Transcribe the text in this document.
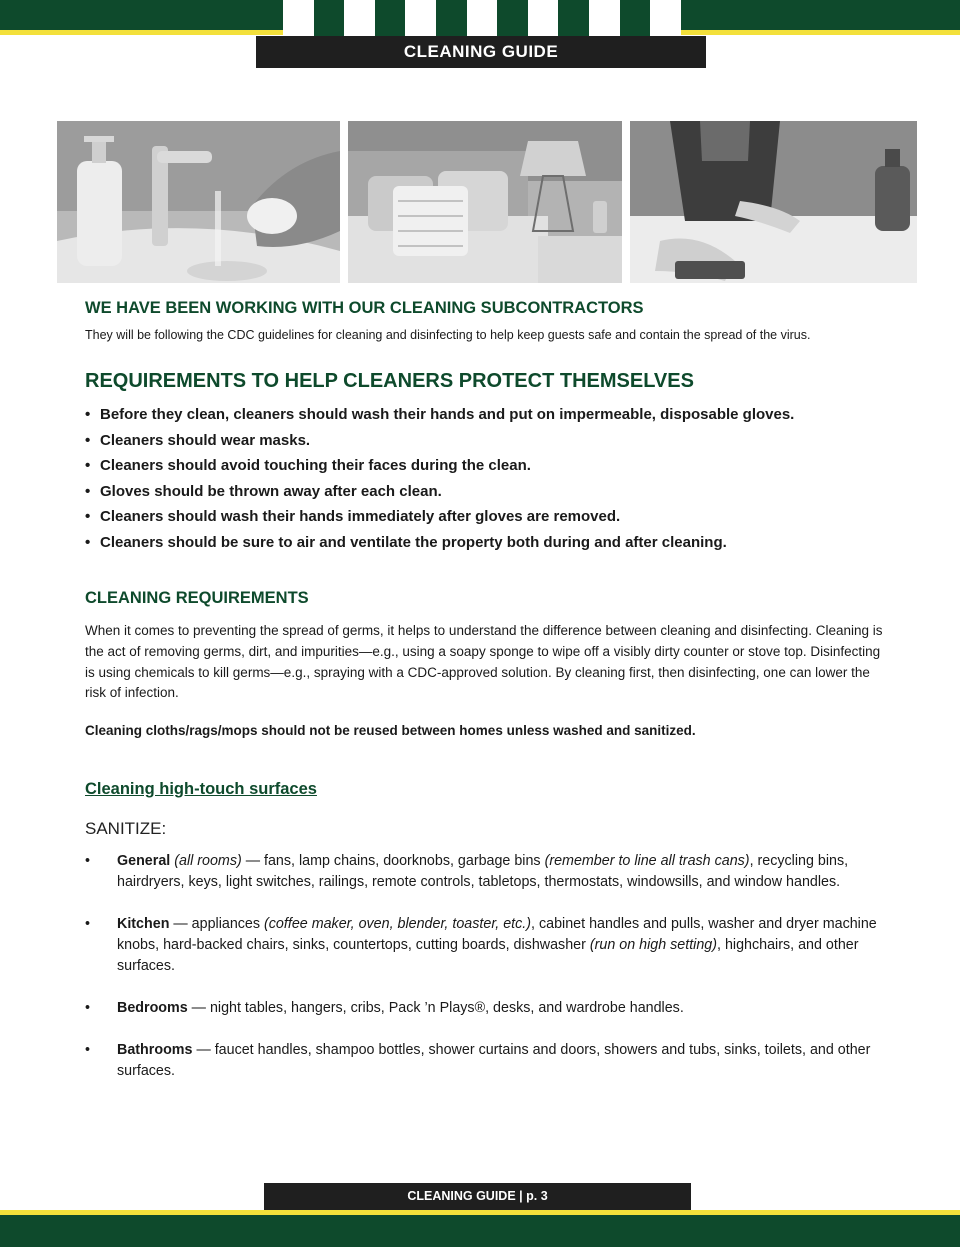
CLEANING GUIDE
WE HAVE BEEN WORKING WITH OUR CLEANING SUBCONTRACTORS

They will be following the CDC guidelines for cleaning and disinfecting to help keep guests safe and contain the spread of the virus.

REQUIREMENTS TO HELP CLEANERS PROTECT THEMSELVES
• Before they clean, cleaners should wash their hands and put on impermeable, disposable gloves.
• Cleaners should wear masks.
• Cleaners should avoid touching their faces during the clean.
• Gloves should be thrown away after each clean.
• Cleaners should wash their hands immediately after gloves are removed.
• Cleaners should be sure to air and ventilate the property both during and after cleaning.
CLEANING REQUIREMENTS

When it comes to preventing the spread of germs, it helps to understand the difference between cleaning and disinfecting. Cleaning is the act of removing germs, dirt, and impurities—e.g., using a soapy sponge to wipe off a visibly dirty counter or stove top. Disinfecting is using chemicals to kill germs—e.g., spraying with a CDC-approved solution. By cleaning first, then disinfecting, one can lower the risk of infection.

Cleaning cloths/rags/mops should not be reused between homes unless washed and sanitized.

Cleaning high-touch surfaces

SANITIZE:

• General (all rooms) — fans, lamp chains, doorknobs, garbage bins (remember to line all trash cans), recycling bins, hairdryers, keys, light switches, railings, remote controls, tabletops, thermostats, windowsills, and window handles.
• Kitchen — appliances (coffee maker, oven, blender, toaster, etc.), cabinet handles and pulls, washer and dryer machine knobs, hard-backed chairs, sinks, countertops, cutting boards, dishwasher (run on high setting), highchairs, and other surfaces.
• Bedrooms — night tables, hangers, cribs, Pack ’n Plays®, desks, and wardrobe handles.
• Bathrooms — faucet handles, shampoo bottles, shower curtains and doors, showers and tubs, sinks, toilets, and other surfaces.
CLEANING GUIDE | p. 3
